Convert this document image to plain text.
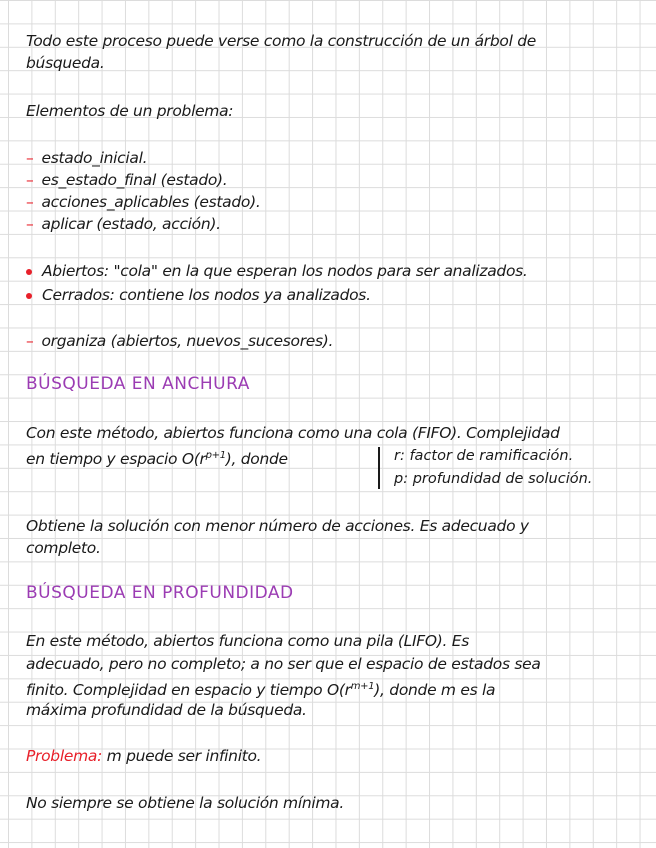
Todo este proceso puede verse como la construcción de un árbol de
búsqueda.
Elementos de un problema:
– estado_inicial.
– es_estado_final (estado).
– acciones_aplicables (estado).
– aplicar (estado, acción).
Abiertos: "cola" en la que esperan los nodos para ser analizados.
Cerrados: contiene los nodos ya analizados.
– organiza (abiertos, nuevos_sucesores).
BÚSQUEDA EN ANCHURA
Con este método, abiertos funciona como una cola (FIFO). Complejidad
en tiempo y espacio $O(r^{p+1})$, donde	r: factor de ramificación.
p: profundidad de solución.
Obtiene la solución con menor número de acciones. Es adecuado y
completo.
BÚSQUEDA EN PROFUNDIDAD
En este método, abiertos funciona como una pila (LIFO). Es
adecuado, pero no completo; a no ser que el espacio de estados sea
finito. Complejidad en espacio y tiempo $O(r^{m+1})$, donde m es la
máxima profundidad de la búsqueda.
Problema: m puede ser infinito.
No siempre se obtiene la solución mínima.
